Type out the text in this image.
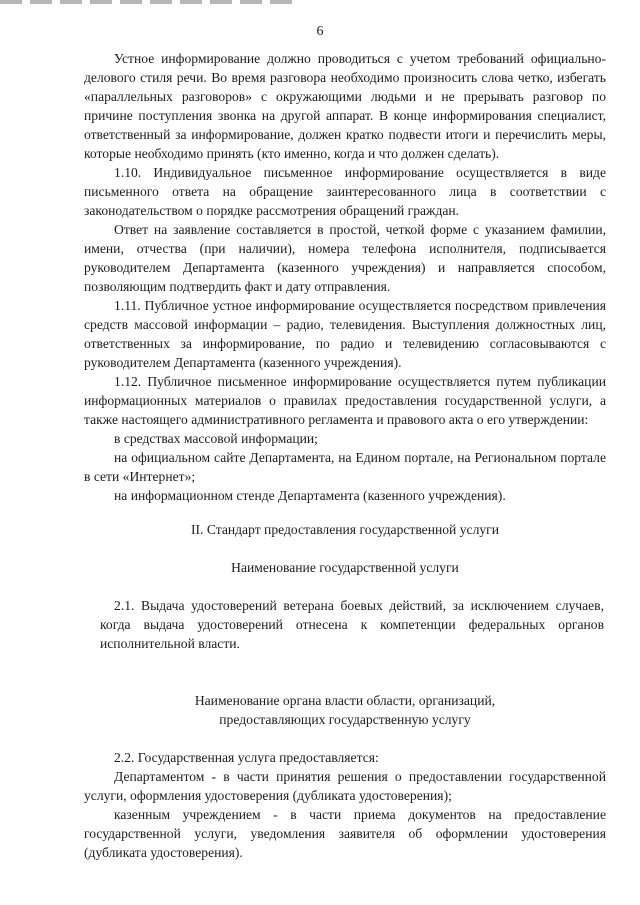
6

Устное информирование должно проводиться с учетом требований официально-делового стиля речи. Во время разговора необходимо произносить слова четко, избегать «параллельных разговоров» с окружающими людьми и не прерывать разговор по причине поступления звонка на другой аппарат. В конце информирования специалист, ответственный за информирование, должен кратко подвести итоги и перечислить меры, которые необходимо принять (кто именно, когда и что должен сделать).

1.10. Индивидуальное письменное информирование осуществляется в виде письменного ответа на обращение заинтересованного лица в соответствии с законодательством о порядке рассмотрения обращений граждан.

Ответ на заявление составляется в простой, четкой форме с указанием фамилии, имени, отчества (при наличии), номера телефона исполнителя, подписывается руководителем Департамента (казенного учреждения) и направляется способом, позволяющим подтвердить факт и дату отправления.

1.11. Публичное устное информирование осуществляется посредством привлечения средств массовой информации – радио, телевидения. Выступления должностных лиц, ответственных за информирование, по радио и телевидению согласовываются с руководителем Департамента (казенного учреждения).

1.12. Публичное письменное информирование осуществляется путем публикации информационных материалов о правилах предоставления государственной услуги, а также настоящего административного регламента и правового акта о его утверждении:

в средствах массовой информации;

на официальном сайте Департамента, на Едином портале, на Региональном портале в сети «Интернет»;

на информационном стенде Департамента (казенного учреждения).

II. Стандарт предоставления государственной услуги

Наименование государственной услуги

2.1. Выдача удостоверений ветерана боевых действий, за исключением случаев, когда выдача удостоверений отнесена к компетенции федеральных органов исполнительной власти.

Наименование органа власти области, организаций,

предоставляющих государственную услугу

2.2. Государственная услуга предоставляется:

Департаментом - в части принятия решения о предоставлении государственной услуги, оформления удостоверения (дубликата удостоверения);

казенным учреждением - в части приема документов на предоставление государственной услуги, уведомления заявителя об оформлении удостоверения (дубликата удостоверения).
